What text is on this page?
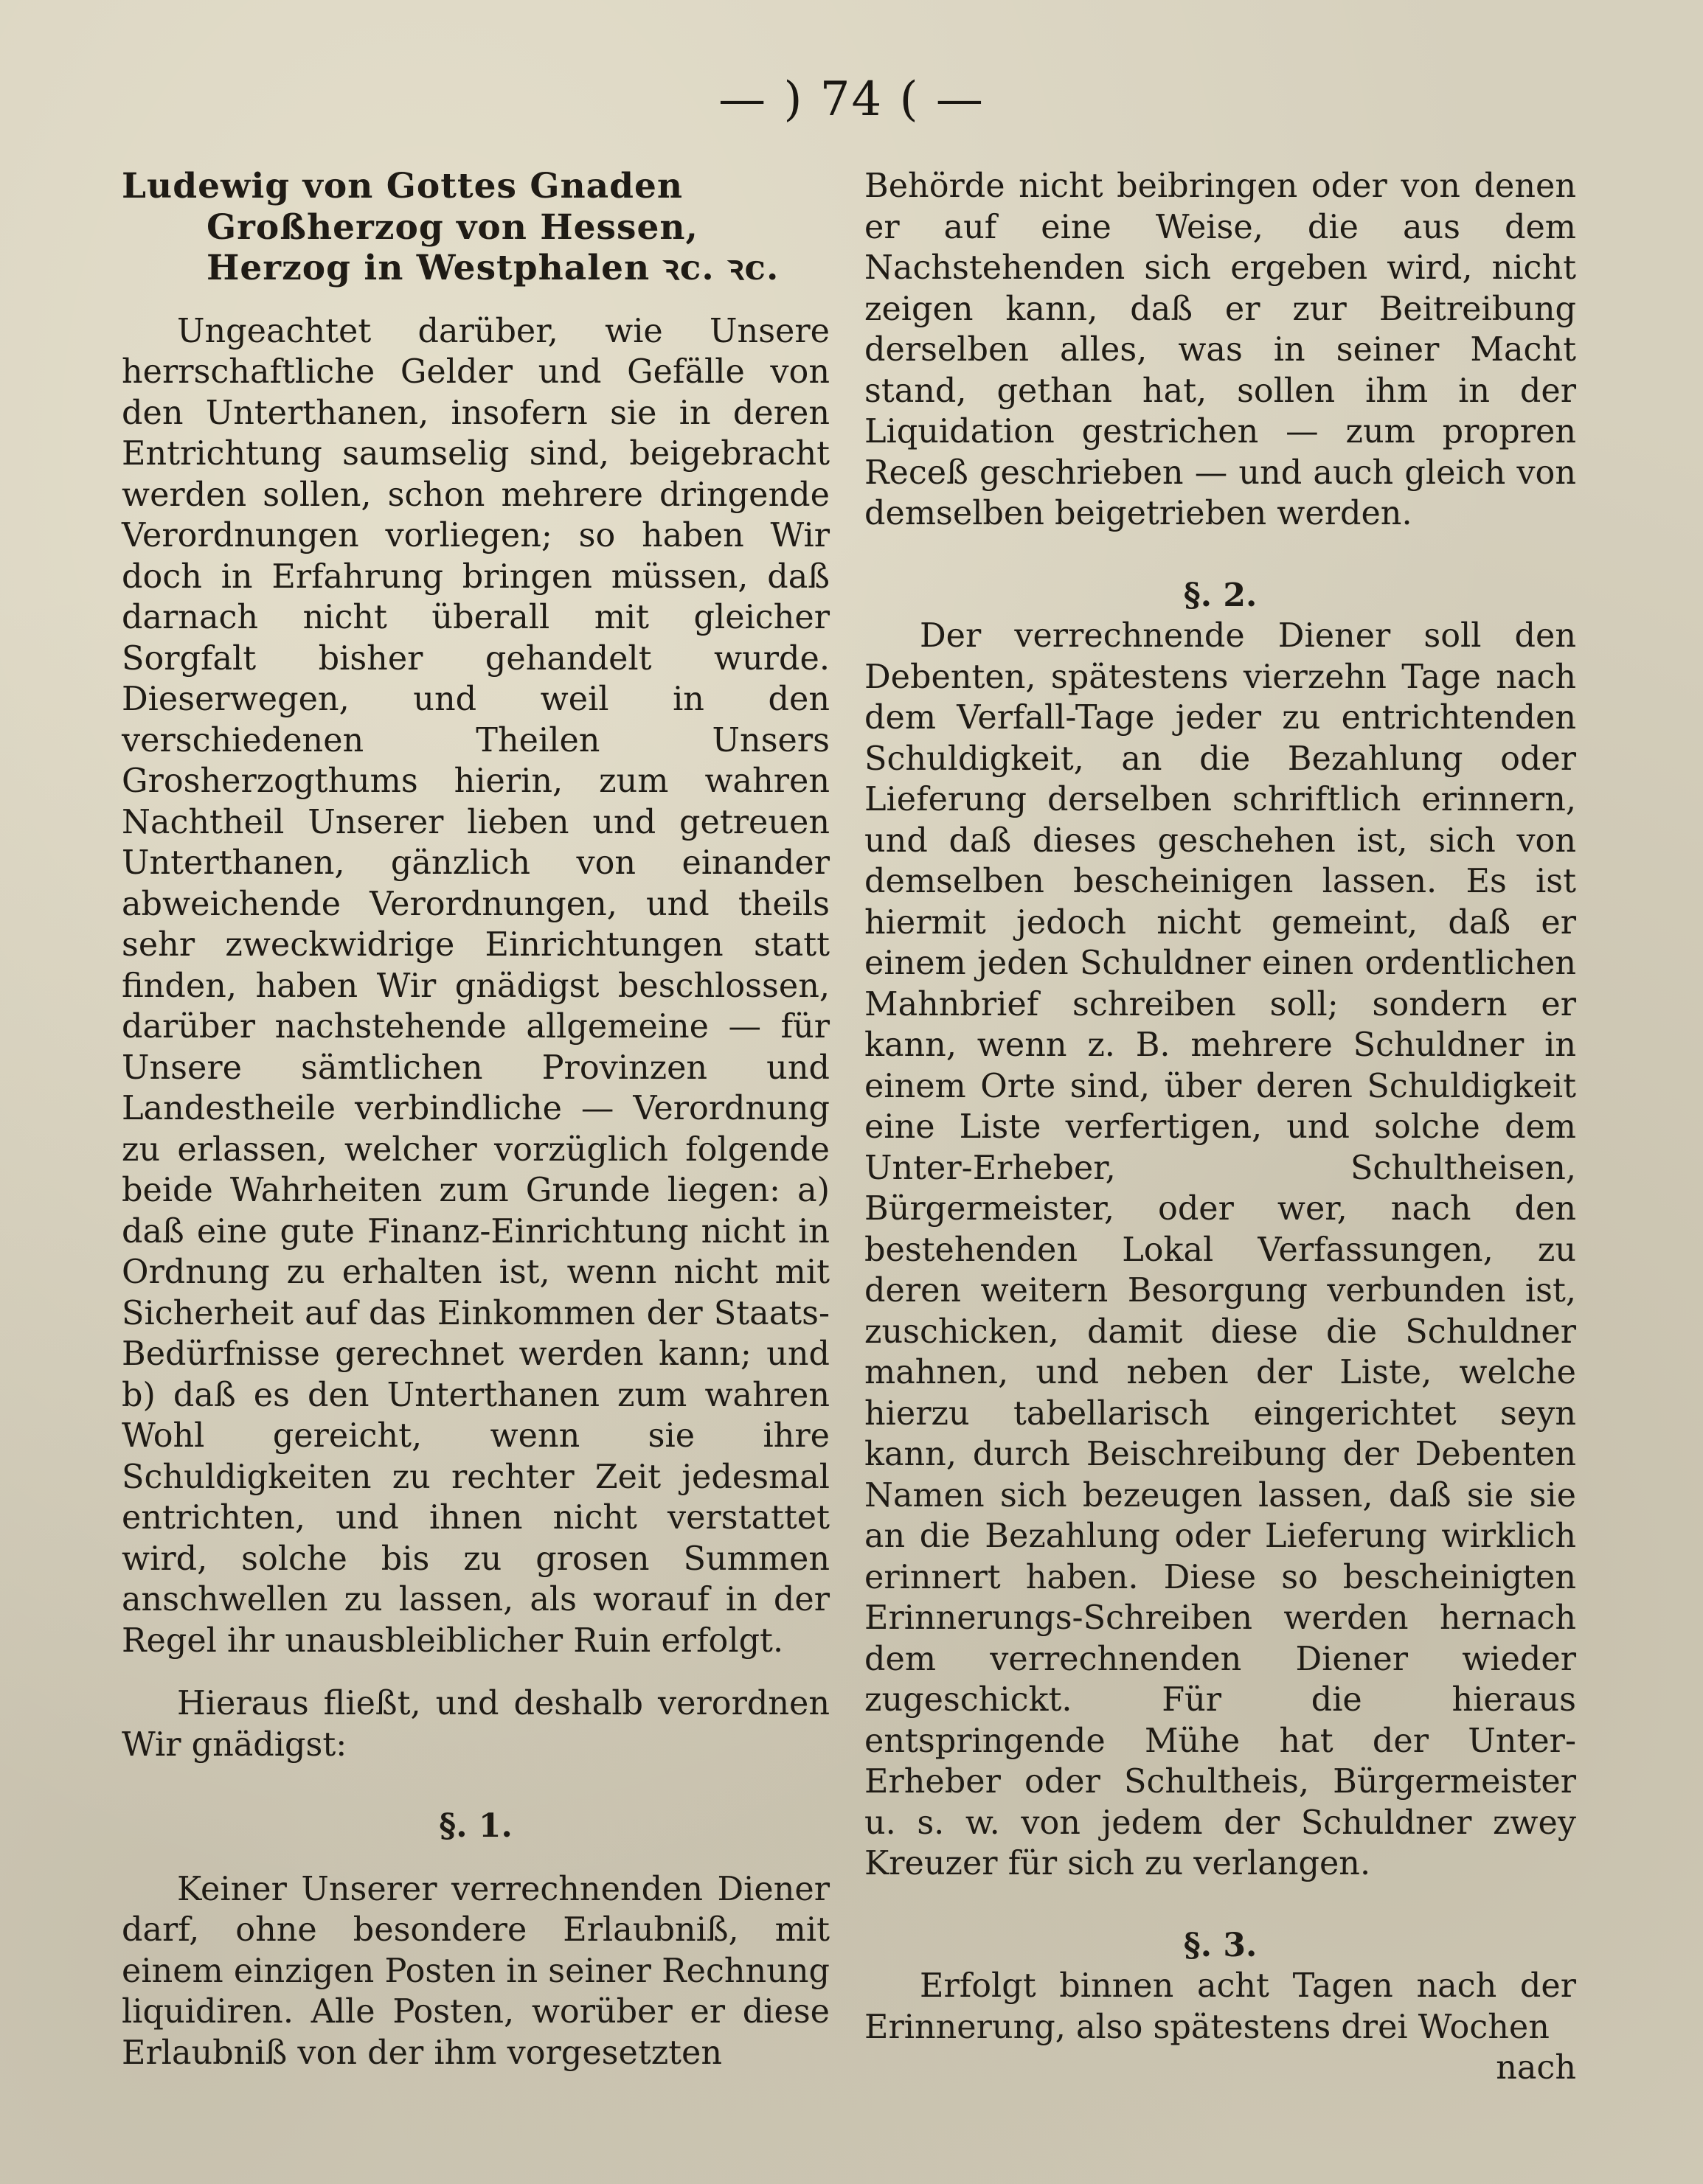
— ) 74 ( —

Ludewig von Gottes Gnaden Großherzog von Hessen, Herzog in Westphalen ꝛc. ꝛc.

Ungeachtet darüber, wie Unsere herrschaftliche Gelder und Gefälle von den Unterthanen, insofern sie in deren Entrichtung saumselig sind, beigebracht werden sollen, schon mehrere dringende Verordnungen vorliegen; so haben Wir doch in Erfahrung bringen müssen, daß darnach nicht überall mit gleicher Sorgfalt bisher gehandelt wurde. Dieserwegen, und weil in den verschiedenen Theilen Unsers Grosherzogthums hierin, zum wahren Nachtheil Unserer lieben und getreuen Unterthanen, gänzlich von einander abweichende Verordnungen, und theils sehr zweckwidrige Einrichtungen statt finden, haben Wir gnädigst beschlossen, darüber nachstehende allgemeine — für Unsere sämtlichen Provinzen und Landestheile verbindliche — Verordnung zu erlassen, welcher vorzüglich folgende beide Wahrheiten zum Grunde liegen: a) daß eine gute Finanz-Einrichtung nicht in Ordnung zu erhalten ist, wenn nicht mit Sicherheit auf das Einkommen der Staats-Bedürfnisse gerechnet werden kann; und b) daß es den Unterthanen zum wahren Wohl gereicht, wenn sie ihre Schuldigkeiten zu rechter Zeit jedesmal entrichten, und ihnen nicht verstattet wird, solche bis zu grosen Summen anschwellen zu lassen, als worauf in der Regel ihr unausbleiblicher Ruin erfolgt.

Hieraus fließt, und deshalb verordnen Wir gnädigst:

§. 1.

Keiner Unserer verrechnenden Diener darf, ohne besondere Erlaubniß, mit einem einzigen Posten in seiner Rechnung liquidiren. Alle Posten, worüber er diese Erlaubniß von der ihm vorgesetzten

Behörde nicht beibringen oder von denen er auf eine Weise, die aus dem Nachstehenden sich ergeben wird, nicht zeigen kann, daß er zur Beitreibung derselben alles, was in seiner Macht stand, gethan hat, sollen ihm in der Liquidation gestrichen — zum propren Receß geschrieben — und auch gleich von demselben beigetrieben werden.

§. 2.

Der verrechnende Diener soll den Debenten, spätestens vierzehn Tage nach dem Verfall-Tage jeder zu entrichtenden Schuldigkeit, an die Bezahlung oder Lieferung derselben schriftlich erinnern, und daß dieses geschehen ist, sich von demselben bescheinigen lassen. Es ist hiermit jedoch nicht gemeint, daß er einem jeden Schuldner einen ordentlichen Mahnbrief schreiben soll; sondern er kann, wenn z. B. mehrere Schuldner in einem Orte sind, über deren Schuldigkeit eine Liste verfertigen, und solche dem Unter-Erheber, Schultheisen, Bürgermeister, oder wer, nach den bestehenden Lokal Verfassungen, zu deren weitern Besorgung verbunden ist, zuschicken, damit diese die Schuldner mahnen, und neben der Liste, welche hierzu tabellarisch eingerichtet seyn kann, durch Beischreibung der Debenten Namen sich bezeugen lassen, daß sie sie an die Bezahlung oder Lieferung wirklich erinnert haben. Diese so bescheinigten Erinnerungs-Schreiben werden hernach dem verrechnenden Diener wieder zugeschickt. Für die hieraus entspringende Mühe hat der Unter-Erheber oder Schultheis, Bürgermeister u. s. w. von jedem der Schuldner zwey Kreuzer für sich zu verlangen.

§. 3.

Erfolgt binnen acht Tagen nach der Erinnerung, also spätestens drei Wochen

nach
